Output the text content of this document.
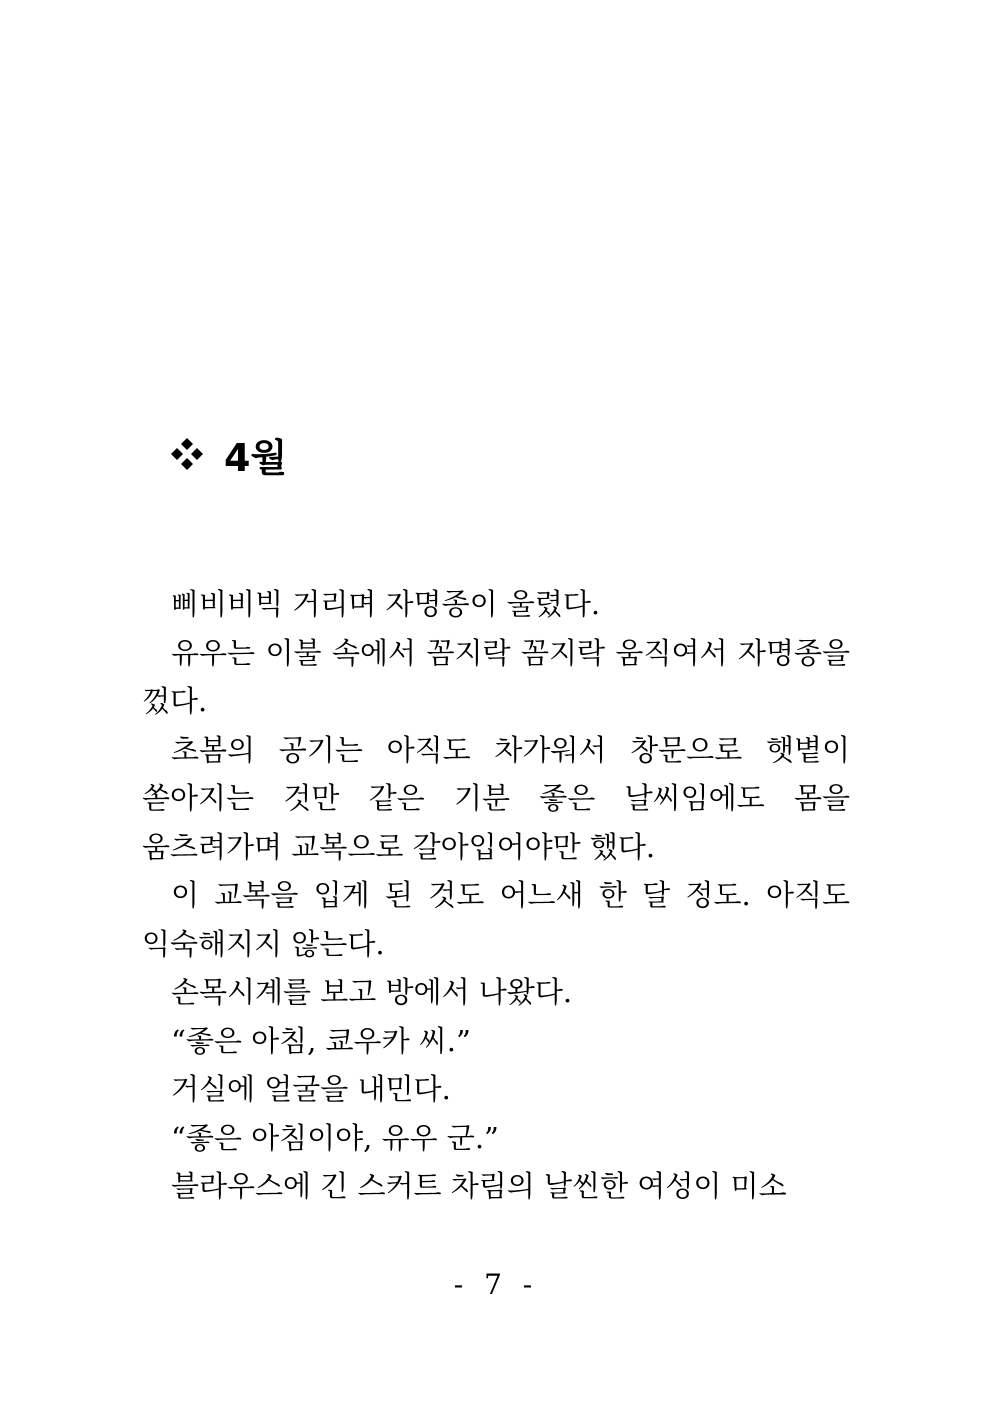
4월

삐비비빅 거리며 자명종이 울렸다.

유우는 이불 속에서 꼼지락 꼼지락 움직여서 자명종을 껐다.

초봄의 공기는 아직도 차가워서 창문으로 햇볕이 쏟아지는 것만 같은 기분 좋은 날씨임에도 몸을 움츠려가며 교복으로 갈아입어야만 했다.

이 교복을 입게 된 것도 어느새 한 달 정도. 아직도 익숙해지지 않는다.

손목시계를 보고 방에서 나왔다.

“좋은 아침, 쿄우카 씨.”

거실에 얼굴을 내민다.

“좋은 아침이야, 유우 군.”

블라우스에 긴 스커트 차림의 날씬한 여성이 미소

- 7 -
